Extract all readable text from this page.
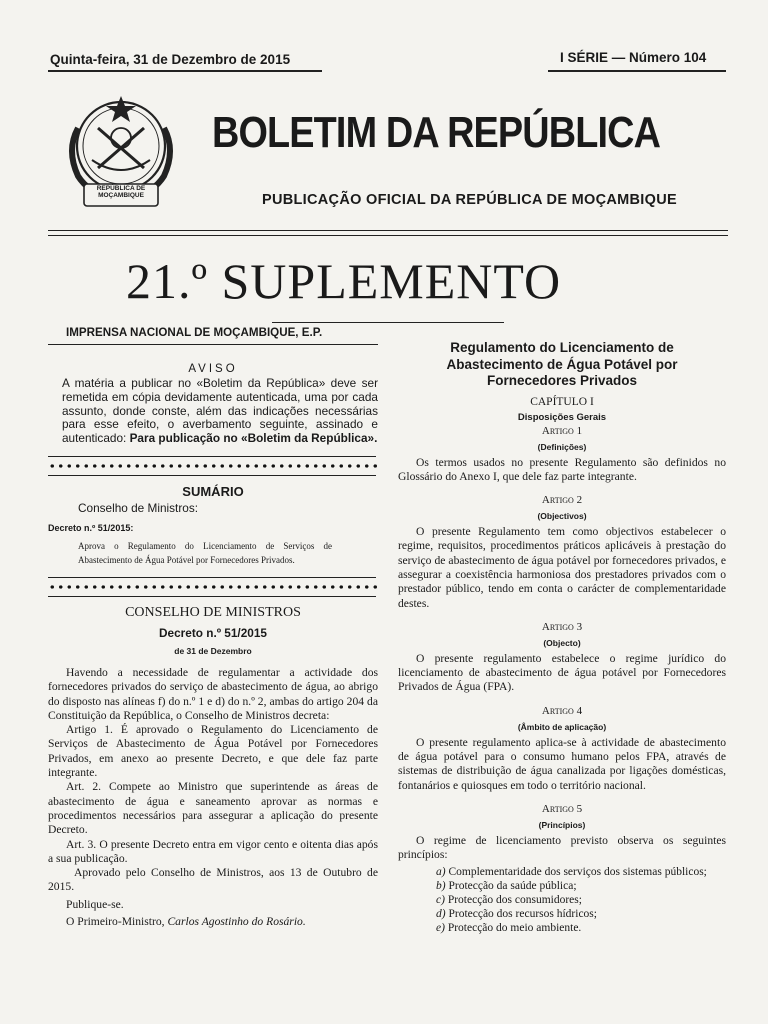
Quinta-feira, 31 de Dezembro de 2015	I SÉRIE — Número 104
REPÚBLICA DE MOÇAMBIQUE
BOLETIM DA REPÚBLICA
PUBLICAÇÃO OFICIAL DA REPÚBLICA DE MOÇAMBIQUE
21.º SUPLEMENTO
IMPRENSA NACIONAL DE MOÇAMBIQUE, E.P.
AVISO

A matéria a publicar no «Boletim da República» deve ser remetida em cópia devidamente autenticada, uma por cada assunto, donde conste, além das indicações necessárias para esse efeito, o averbamento seguinte, assinado e autenticado: Para publicação no «Boletim da República».

SUMÁRIO
Conselho de Ministros:
Decreto n.º 51/2015:
Aprova o Regulamento do Licenciamento de Serviços de Abastecimento de Água Potável por Fornecedores Privados.
CONSELHO DE MINISTROS
Decreto n.º 51/2015
de 31 de Dezembro

Havendo a necessidade de regulamentar a actividade dos fornecedores privados do serviço de abastecimento de água, ao abrigo do disposto nas alíneas f) do n.º 1 e d) do n.º 2, ambas do artigo 204 da Constituição da República, o Conselho de Ministros decreta:

Artigo 1. É aprovado o Regulamento do Licenciamento de Serviços de Abastecimento de Água Potável por Fornecedores Privados, em anexo ao presente Decreto, e que dele faz parte integrante.

Art. 2. Compete ao Ministro que superintende as áreas de abastecimento de água e saneamento aprovar as normas e procedimentos necessários para assegurar a aplicação do presente Decreto.

Art. 3. O presente Decreto entra em vigor cento e oitenta dias após a sua publicação.

Aprovado pelo Conselho de Ministros, aos 13 de Outubro de 2015.

Publique-se.

O Primeiro-Ministro, Carlos Agostinho do Rosário.

Regulamento do Licenciamento de Abastecimento de Água Potável por Fornecedores Privados
CAPÍTULO I
Disposições Gerais
Artigo 1
(Definições)

Os termos usados no presente Regulamento são definidos no Glossário do Anexo I, que dele faz parte integrante.

Artigo 2
(Objectivos)

O presente Regulamento tem como objectivos estabelecer o regime, requisitos, procedimentos práticos aplicáveis à prestação do serviço de abastecimento de água potável por fornecedores privados, e assegurar a coexistência harmoniosa dos prestadores privados com o prestador público, tendo em conta o carácter de complementaridade destes.

Artigo 3
(Objecto)

O presente regulamento estabelece o regime jurídico do licenciamento de abastecimento de água potável por Fornecedores Privados de Água (FPA).

Artigo 4
(Âmbito de aplicação)

O presente regulamento aplica-se à actividade de abastecimento de água potável para o consumo humano pelos FPA, através de sistemas de distribuição de água canalizada por ligações domésticas, fontanários e quiosques em todo o território nacional.

Artigo 5
(Princípios)

O regime de licenciamento previsto observa os seguintes princípios:

a) Complementaridade dos serviços dos sistemas públicos;

b) Protecção da saúde pública;

c) Protecção dos consumidores;

d) Protecção dos recursos hídricos;

e) Protecção do meio ambiente.
